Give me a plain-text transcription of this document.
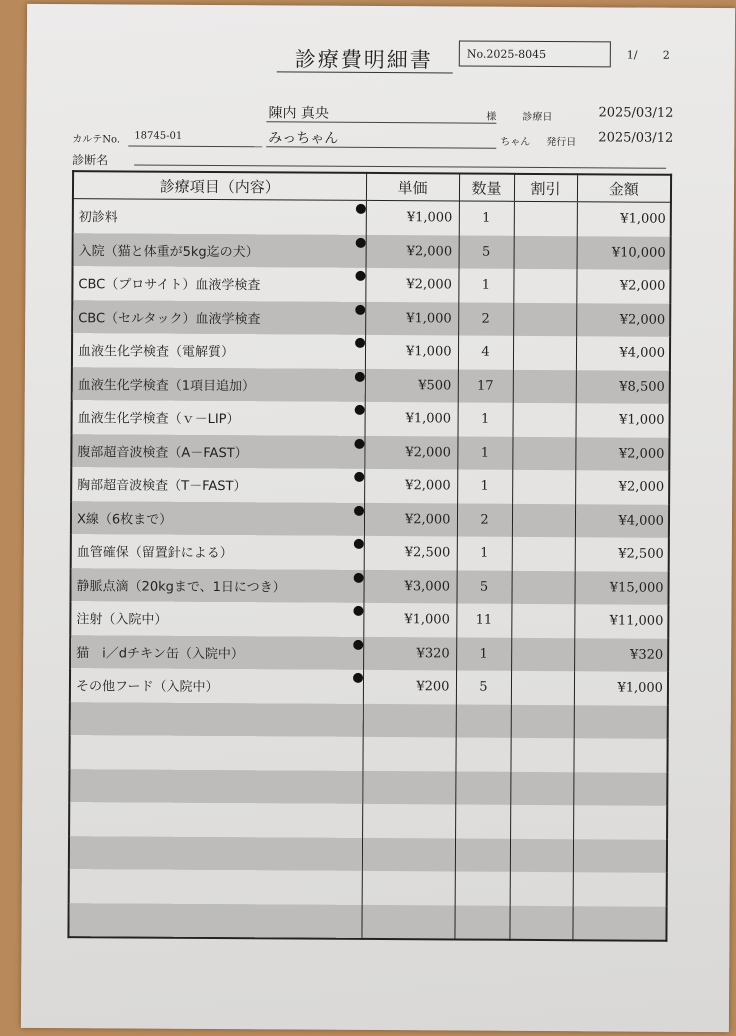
診療費明細書	No.2025-8045	1/ 2
陳内 真央	様	診療日	2025/03/12
カルテNo. 18745-01	みっちゃん	ちゃん 発行日 2025/03/12
診断名
診療項目（内容）	単価	数量	割引	金額
初診料	¥1,000	1		¥1,000
入院（猫と体重が5kg迄の犬）	¥2,000	5		¥10,000
CBC（プロサイト）血液学検査	¥2,000	1		¥2,000
CBC（セルタック）血液学検査	¥1,000	2		¥2,000
血液生化学検査（電解質）	¥1,000	4		¥4,000
血液生化学検査（1項目追加）	¥500	17		¥8,500
血液生化学検査（ｖ－LIP）	¥1,000	1		¥1,000
腹部超音波検査（A－FAST）	¥2,000	1		¥2,000
胸部超音波検査（T－FAST）	¥2,000	1		¥2,000
X線（6枚まで）	¥2,000	2		¥4,000
血管確保（留置針による）	¥2,500	1		¥2,500
静脈点滴（20kgまで、1日につき）	¥3,000	5		¥15,000
注射（入院中）	¥1,000	11		¥11,000
猫　i／dチキン缶（入院中）	¥320	1		¥320
その他フード（入院中）	¥200	5		¥1,000
